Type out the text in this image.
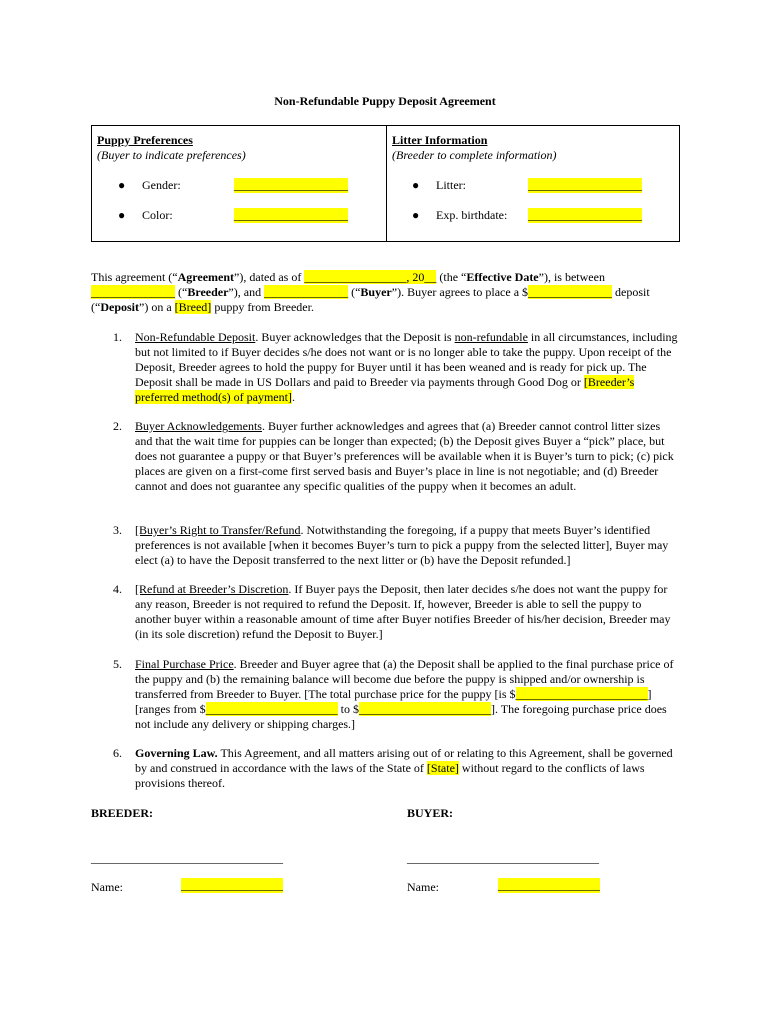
Non-Refundable Puppy Deposit Agreement
Puppy Preferences
(Buyer to indicate preferences)
● Gender:	___________________
● Color:	___________________
Litter Information
(Breeder to complete information)
● Litter:	___________________
● Exp. birthdate: ___________________
This agreement (“Agreement”), dated as of _________________, 20__ (the “Effective Date”), is between ______________ (“Breeder”), and ______________ (“Buyer”). Buyer agrees to place a $______________ deposit (“Deposit”) on a [Breed] puppy from Breeder.
1. Non-Refundable Deposit. Buyer acknowledges that the Deposit is non-refundable in all circumstances, including but not limited to if Buyer decides s/he does not want or is no longer able to take the puppy. Upon receipt of the Deposit, Breeder agrees to hold the puppy for Buyer until it has been weaned and is ready for pick up. The Deposit shall be made in US Dollars and paid to Breeder via payments through Good Dog or [Breeder’s preferred method(s) of payment].
2. Buyer Acknowledgements. Buyer further acknowledges and agrees that (a) Breeder cannot control litter sizes and that the wait time for puppies can be longer than expected; (b) the Deposit gives Buyer a “pick” place, but does not guarantee a puppy or that Buyer’s preferences will be available when it is Buyer’s turn to pick; (c) pick places are given on a first-come first served basis and Buyer’s place in line is not negotiable; and (d) Breeder cannot and does not guarantee any specific qualities of the puppy when it becomes an adult.
3. [Buyer’s Right to Transfer/Refund. Notwithstanding the foregoing, if a puppy that meets Buyer’s identified preferences is not available [when it becomes Buyer’s turn to pick a puppy from the selected litter], Buyer may elect (a) to have the Deposit transferred to the next litter or (b) have the Deposit refunded.]
4. [Refund at Breeder’s Discretion. If Buyer pays the Deposit, then later decides s/he does not want the puppy for any reason, Breeder is not required to refund the Deposit. If, however, Breeder is able to sell the puppy to another buyer within a reasonable amount of time after Buyer notifies Breeder of his/her decision, Breeder may (in its sole discretion) refund the Deposit to Buyer.]
5. Final Purchase Price. Breeder and Buyer agree that (a) the Deposit shall be applied to the final purchase price of the puppy and (b) the remaining balance will become due before the puppy is shipped and/or ownership is transferred from Breeder to Buyer. [The total purchase price for the puppy [is $______________________] [ranges from $______________________ to $______________________]. The foregoing purchase price does not include any delivery or shipping charges.]
6. Governing Law. This Agreement, and all matters arising out of or relating to this Agreement, shall be governed by and construed in accordance with the laws of the State of [State] without regard to the conflicts of laws provisions thereof.
BREEDER:	BUYER:
________________________________	________________________________
Name:	_________________	Name:	_________________
